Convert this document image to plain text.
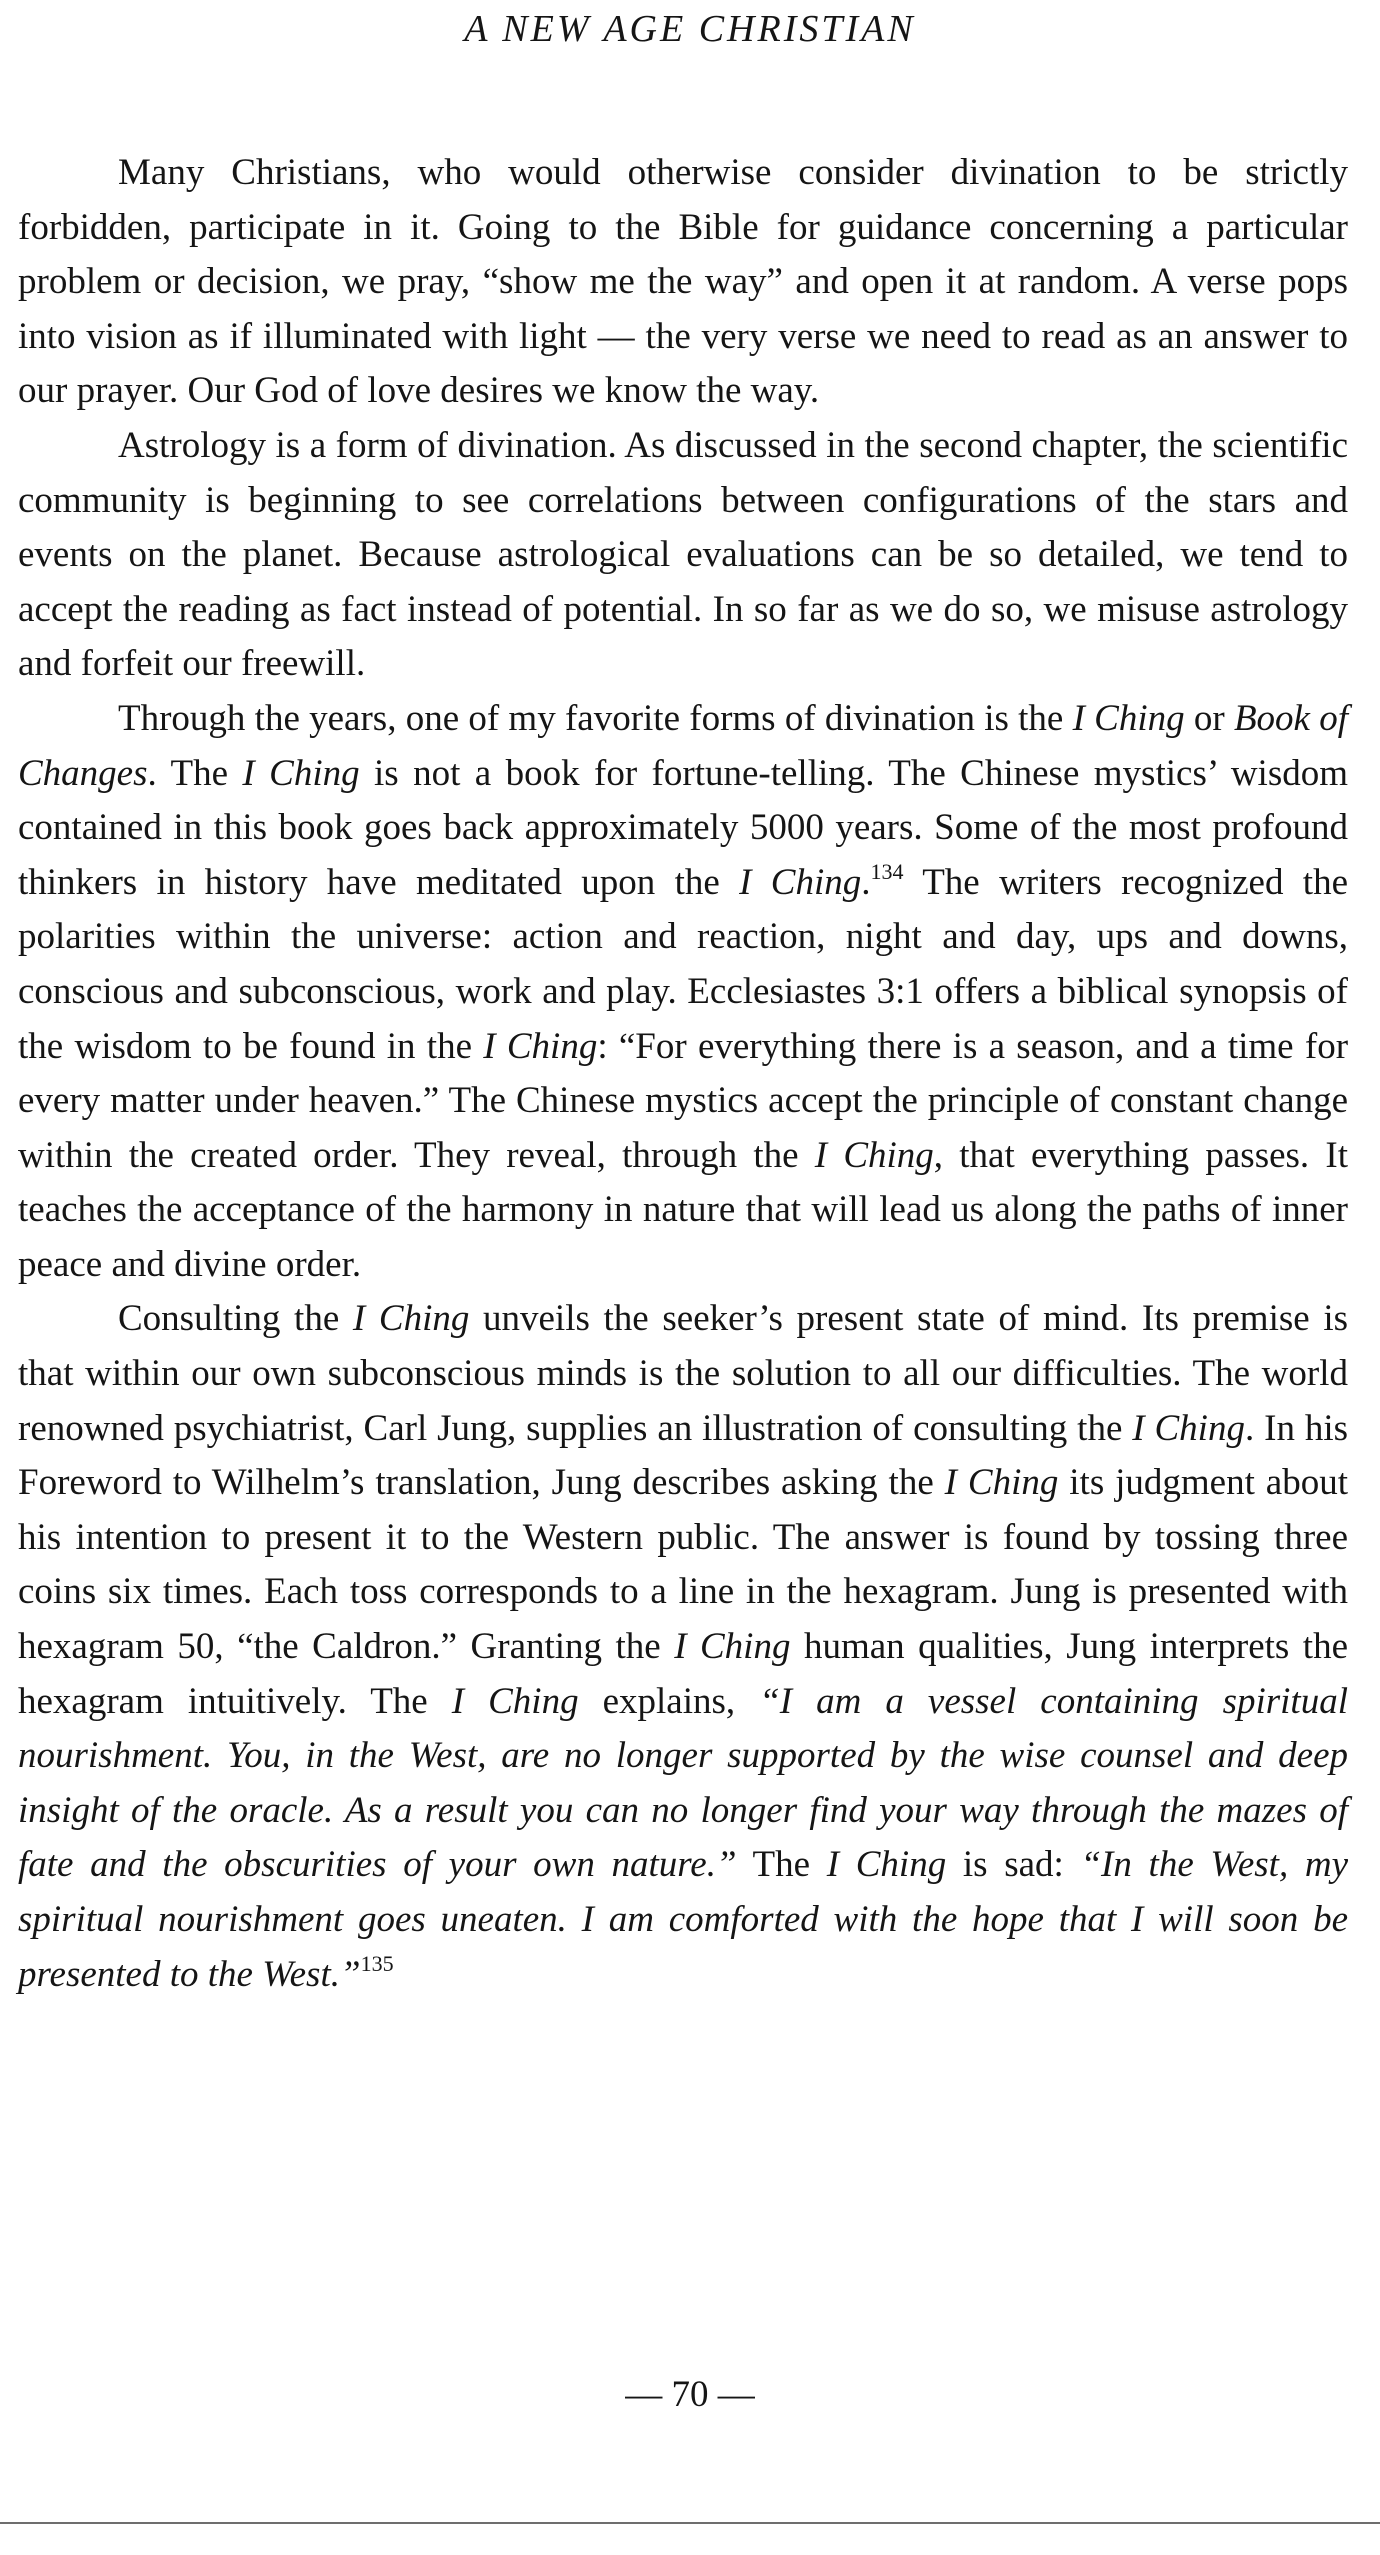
A NEW AGE CHRISTIAN

Many Christians, who would otherwise consider divination to be strictly forbidden, participate in it. Going to the Bible for guidance concerning a particular problem or decision, we pray, “show me the way” and open it at random. A verse pops into vision as if illuminated with light — the very verse we need to read as an answer to our prayer. Our God of love desires we know the way.

Astrology is a form of divination. As discussed in the second chapter, the scientific community is beginning to see correlations between configurations of the stars and events on the planet. Because astrological evaluations can be so detailed, we tend to accept the reading as fact instead of potential. In so far as we do so, we misuse astrology and forfeit our freewill.

Through the years, one of my favorite forms of divination is the I Ching or Book of Changes. The I Ching is not a book for fortune-telling. The Chinese mystics’ wisdom contained in this book goes back approximately 5000 years. Some of the most profound thinkers in history have meditated upon the I Ching.$^{134}$ The writers recognized the polarities within the universe: action and reaction, night and day, ups and downs, conscious and subconscious, work and play. Ecclesiastes 3:1 offers a biblical synopsis of the wisdom to be found in the I Ching: “For everything there is a season, and a time for every matter under heaven.” The Chinese mystics accept the principle of constant change within the created order. They reveal, through the I Ching, that everything passes. It teaches the acceptance of the harmony in nature that will lead us along the paths of inner peace and divine order.

Consulting the I Ching unveils the seeker’s present state of mind. Its premise is that within our own subconscious minds is the solution to all our difficulties. The world renowned psychiatrist, Carl Jung, supplies an illustration of consulting the I Ching. In his Foreword to Wilhelm’s translation, Jung describes asking the I Ching its judgment about his intention to present it to the Western public. The answer is found by tossing three coins six times. Each toss corresponds to a line in the hexagram. Jung is presented with hexagram 50, “the Caldron.” Granting the I Ching human qualities, Jung interprets the hexagram intuitively. The I Ching explains, “I am a vessel containing spiritual nourishment. You, in the West, are no longer supported by the wise counsel and deep insight of the oracle. As a result you can no longer find your way through the mazes of fate and the obscurities of your own nature.” The I Ching is sad: “In the West, my spiritual nourishment goes uneaten. I am comforted with the hope that I will soon be presented to the West.”$^{135}$

— 70 —
